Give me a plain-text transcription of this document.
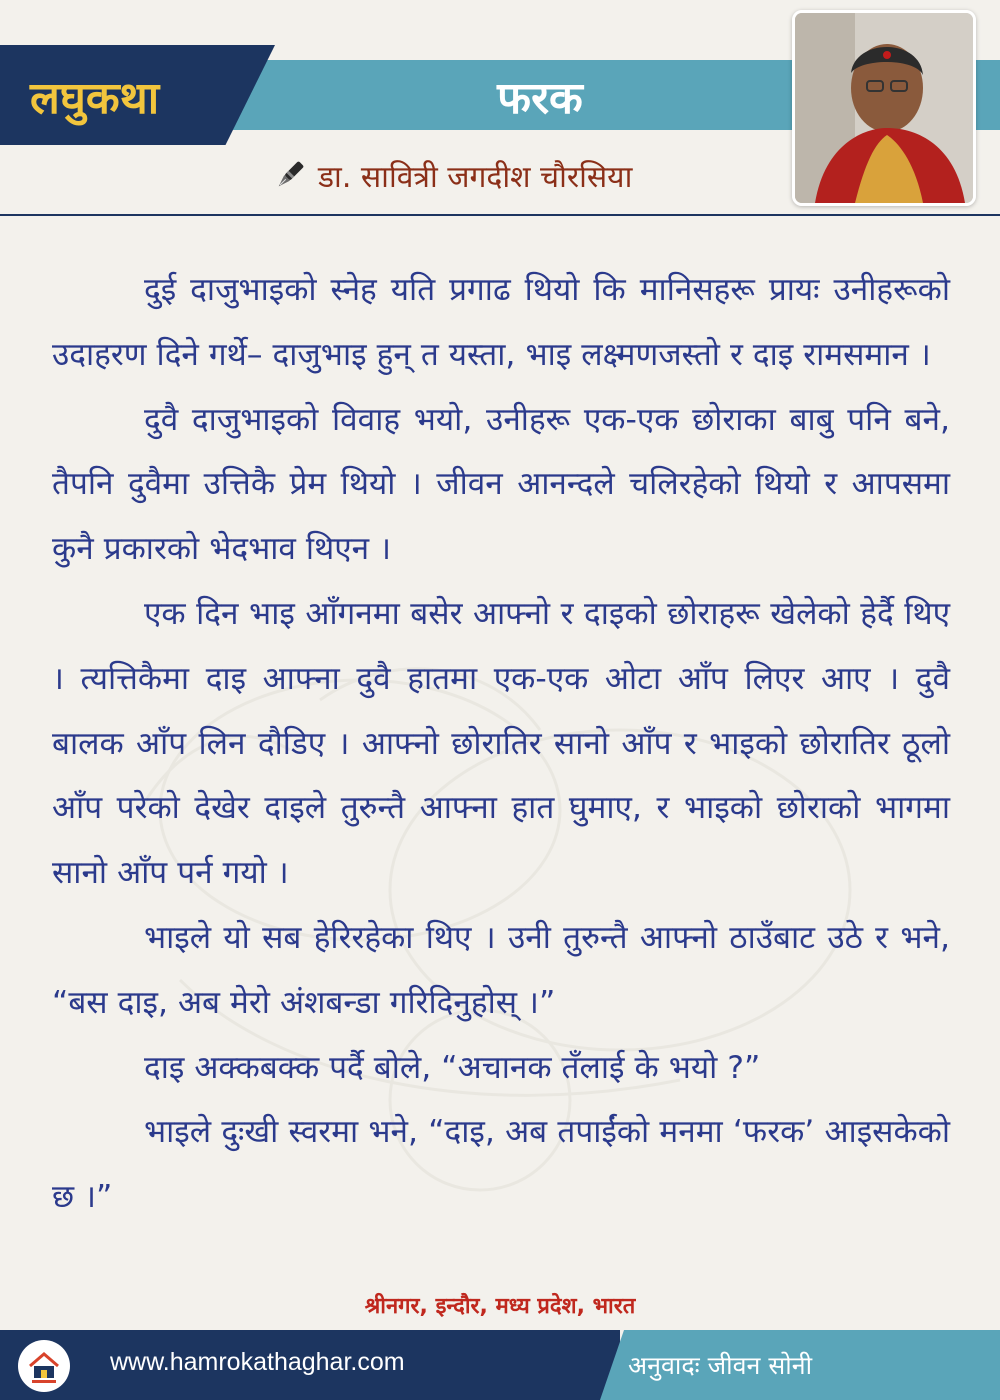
लघुकथा	फरक
डा. सावित्री जगदीश चौरसिया

दुई दाजुभाइको स्नेह यति प्रगाढ थियो कि मानिसहरू प्रायः उनीहरूको उदाहरण दिने गर्थे– दाजुभाइ हुन् त यस्ता, भाइ लक्ष्मणजस्तो र दाइ रामसमान ।

दुवै दाजुभाइको विवाह भयो, उनीहरू एक-एक छोराका बाबु पनि बने, तैपनि दुवैमा उत्तिकै प्रेम थियो । जीवन आनन्दले चलिरहेको थियो र आपसमा कुनै प्रकारको भेदभाव थिएन ।

एक दिन भाइ आँगनमा बसेर आफ्नो र दाइको छोराहरू खेलेको हेर्दै थिए । त्यत्तिकैमा दाइ आफ्ना दुवै हातमा एक-एक ओटा आँप लिएर आए । दुवै बालक आँप लिन दौडिए । आफ्नो छोरातिर सानो आँप र भाइको छोरातिर ठूलो आँप परेको देखेर दाइले तुरुन्तै आफ्ना हात घुमाए, र भाइको छोराको भागमा सानो आँप पर्न गयो ।

भाइले यो सब हेरिरहेका थिए । उनी तुरुन्तै आफ्नो ठाउँबाट उठे र भने, “बस दाइ, अब मेरो अंशबन्डा गरिदिनुहोस् ।”

दाइ अक्कबक्क पर्दै बोले, “अचानक तँलाई के भयो ?”

भाइले दुःखी स्वरमा भने, “दाइ, अब तपाईंको मनमा ‘फरक’ आइसकेको छ ।”

श्रीनगर, इन्दौर, मध्य प्रदेश, भारत
www.hamrokathaghar.com	अनुवादः जीवन सोनी
